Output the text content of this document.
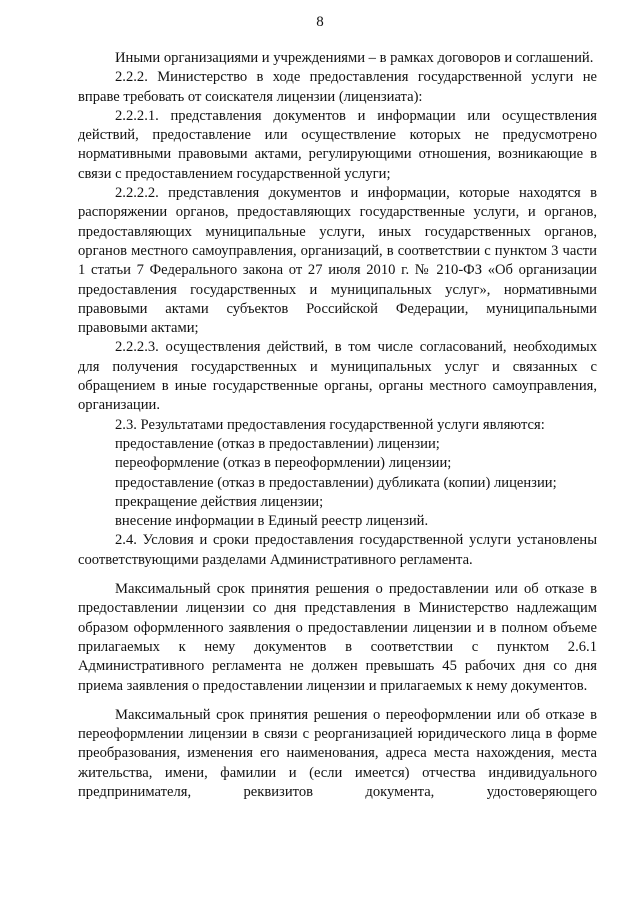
8

Иными организациями и учреждениями – в рамках договоров и соглашений.

2.2.2. Министерство в ходе предоставления государственной услуги не вправе требовать от соискателя лицензии (лицензиата):

2.2.2.1. представления документов и информации или осуществления действий, предоставление или осуществление которых не предусмотрено нормативными правовыми актами, регулирующими отношения, возникающие в связи с предоставлением государственной услуги;

2.2.2.2. представления документов и информации, которые находятся в распоряжении органов, предоставляющих государственные услуги, и органов, предоставляющих муниципальные услуги, иных государственных органов, органов местного самоуправления, организаций, в соответствии с пунктом 3 части 1 статьи 7 Федерального закона от 27 июля 2010 г. № 210-ФЗ «Об организации предоставления государственных и муниципальных услуг», нормативными правовыми актами субъектов Российской Федерации, муниципальными правовыми актами;

2.2.2.3. осуществления действий, в том числе согласований, необходимых для получения государственных и муниципальных услуг и связанных с обращением в иные государственные органы, органы местного самоуправления, организации.

2.3. Результатами предоставления государственной услуги являются:

предоставление (отказ в предоставлении) лицензии;

переоформление (отказ в переоформлении) лицензии;

предоставление (отказ в предоставлении) дубликата (копии) лицензии;

прекращение действия лицензии;

внесение информации в Единый реестр лицензий.

2.4. Условия и сроки предоставления государственной услуги установлены соответствующими разделами Административного регламента.

Максимальный срок принятия решения о предоставлении или об отказе в предоставлении лицензии со дня представления в Министерство надлежащим образом оформленного заявления о предоставлении лицензии и в полном объеме прилагаемых к нему документов в соответствии с пунктом 2.6.1 Административного регламента не должен превышать 45 рабочих дня со дня приема заявления о предоставлении лицензии и прилагаемых к нему документов.

Максимальный срок принятия решения о переоформлении или об отказе в переоформлении лицензии в связи с реорганизацией юридического лица в форме преобразования, изменения его наименования, адреса места нахождения, места жительства, имени, фамилии и (если имеется) отчества индивидуального предпринимателя, реквизитов документа, удостоверяющего
